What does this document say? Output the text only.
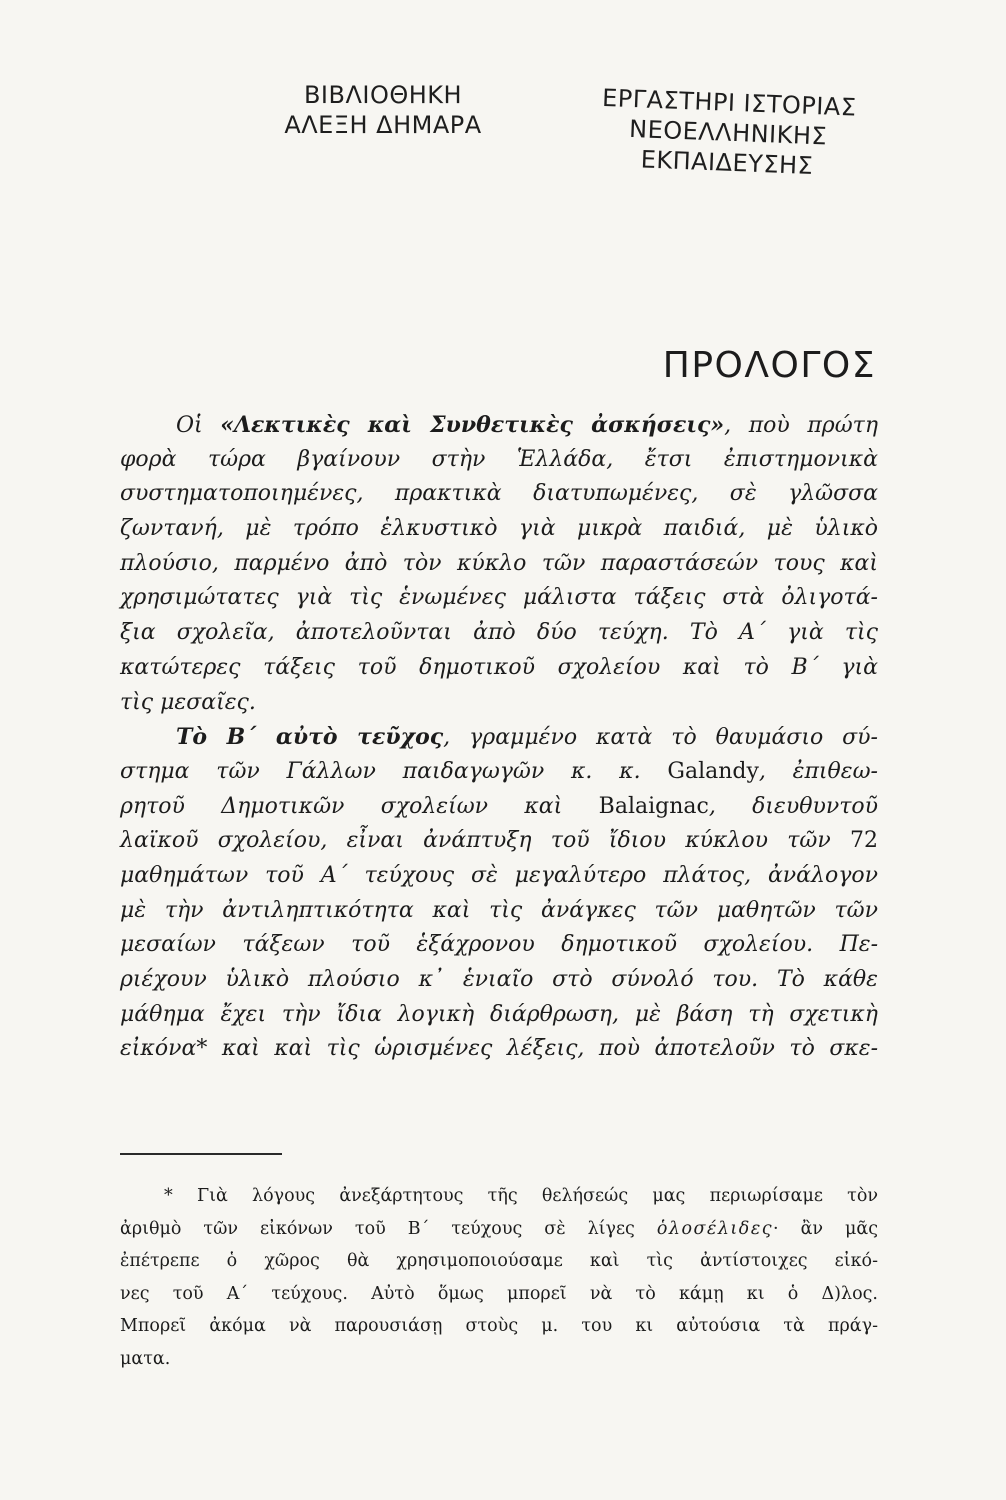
ΒΙΒΛΙΟΘΗΚΗ
ΑΛΕΞΗ ΔΗΜΑΡΑ
ΕΡΓΑΣΤΗΡΙ ΙΣΤΟΡΙΑΣ
ΝΕΟΕΛΛΗΝΙΚΗΣ
ΕΚΠΑΙΔΕΥΣΗΣ
ΠΡΟΛΟΓΟΣ
Οἱ «Λεκτικὲς καὶ Συνθετικὲς ἀσκήσεις», ποὺ πρώτη
φορὰ τώρα βγαίνουν στὴν Ἑλλάδα, ἔτσι ἐπιστημονικὰ
συστηματοποιημένες, πρακτικὰ διατυπωμένες, σὲ γλῶσσα
ζωντανή, μὲ τρόπο ἑλκυστικὸ γιὰ μικρὰ παιδιά, μὲ ὑλικὸ
πλούσιο, παρμένο ἀπὸ τὸν κύκλο τῶν παραστάσεών τους καὶ
χρησιμώτατες γιὰ τὶς ἑνωμένες μάλιστα τάξεις στὰ ὀλιγοτά-
ξια σχολεῖα, ἀποτελοῦνται ἀπὸ δύο τεύχη. Τὸ Α΄ γιὰ τὶς
κατώτερες τάξεις τοῦ δημοτικοῦ σχολείου καὶ τὸ Β΄ γιὰ
τὶς μεσαῖες.
Τὸ Β΄ αὐτὸ τεῦχος, γραμμένο κατὰ τὸ θαυμάσιο σύ-
στημα τῶν Γάλλων παιδαγωγῶν κ. κ. Galandy, ἐπιθεω-
ρητοῦ Δημοτικῶν σχολείων καὶ Balaignac, διευθυντοῦ
λαϊκοῦ σχολείου, εἶναι ἀνάπτυξη τοῦ ἴδιου κύκλου τῶν 72
μαθημάτων τοῦ Α΄ τεύχους σὲ μεγαλύτερο πλάτος, ἀνάλογον
μὲ τὴν ἀντιληπτικότητα καὶ τὶς ἀνάγκες τῶν μαθητῶν τῶν
μεσαίων τάξεων τοῦ ἑξάχρονου δημοτικοῦ σχολείου. Πε-
ριέχουν ὑλικὸ πλούσιο κ᾿ ἑνιαῖο στὸ σύνολό του. Τὸ κάθε
μάθημα ἔχει τὴν ἴδια λογικὴ διάρθρωση, μὲ βάση τὴ σχετικὴ
εἰκόνα* καὶ καὶ τὶς ὡρισμένες λέξεις, ποὺ ἀποτελοῦν τὸ σκε-
* Γιὰ λόγους ἀνεξάρτητους τῆς θελήσεώς μας περιωρίσαμε τὸν
ἀριθμὸ τῶν εἰκόνων τοῦ Β΄ τεύχους σὲ λίγες ὁλοσέλιδες· ἂν μᾶς
ἐπέτρεπε ὁ χῶρος θὰ χρησιμοποιούσαμε καὶ τὶς ἀντίστοιχες εἰκό-
νες τοῦ Α΄ τεύχους. Αὐτὸ ὅμως μπορεῖ νὰ τὸ κάμῃ κι ὁ Δ)λος.
Μπορεῖ ἀκόμα νὰ παρουσιάσῃ στοὺς μ. του κι αὐτούσια τὰ πράγ-
ματα.
